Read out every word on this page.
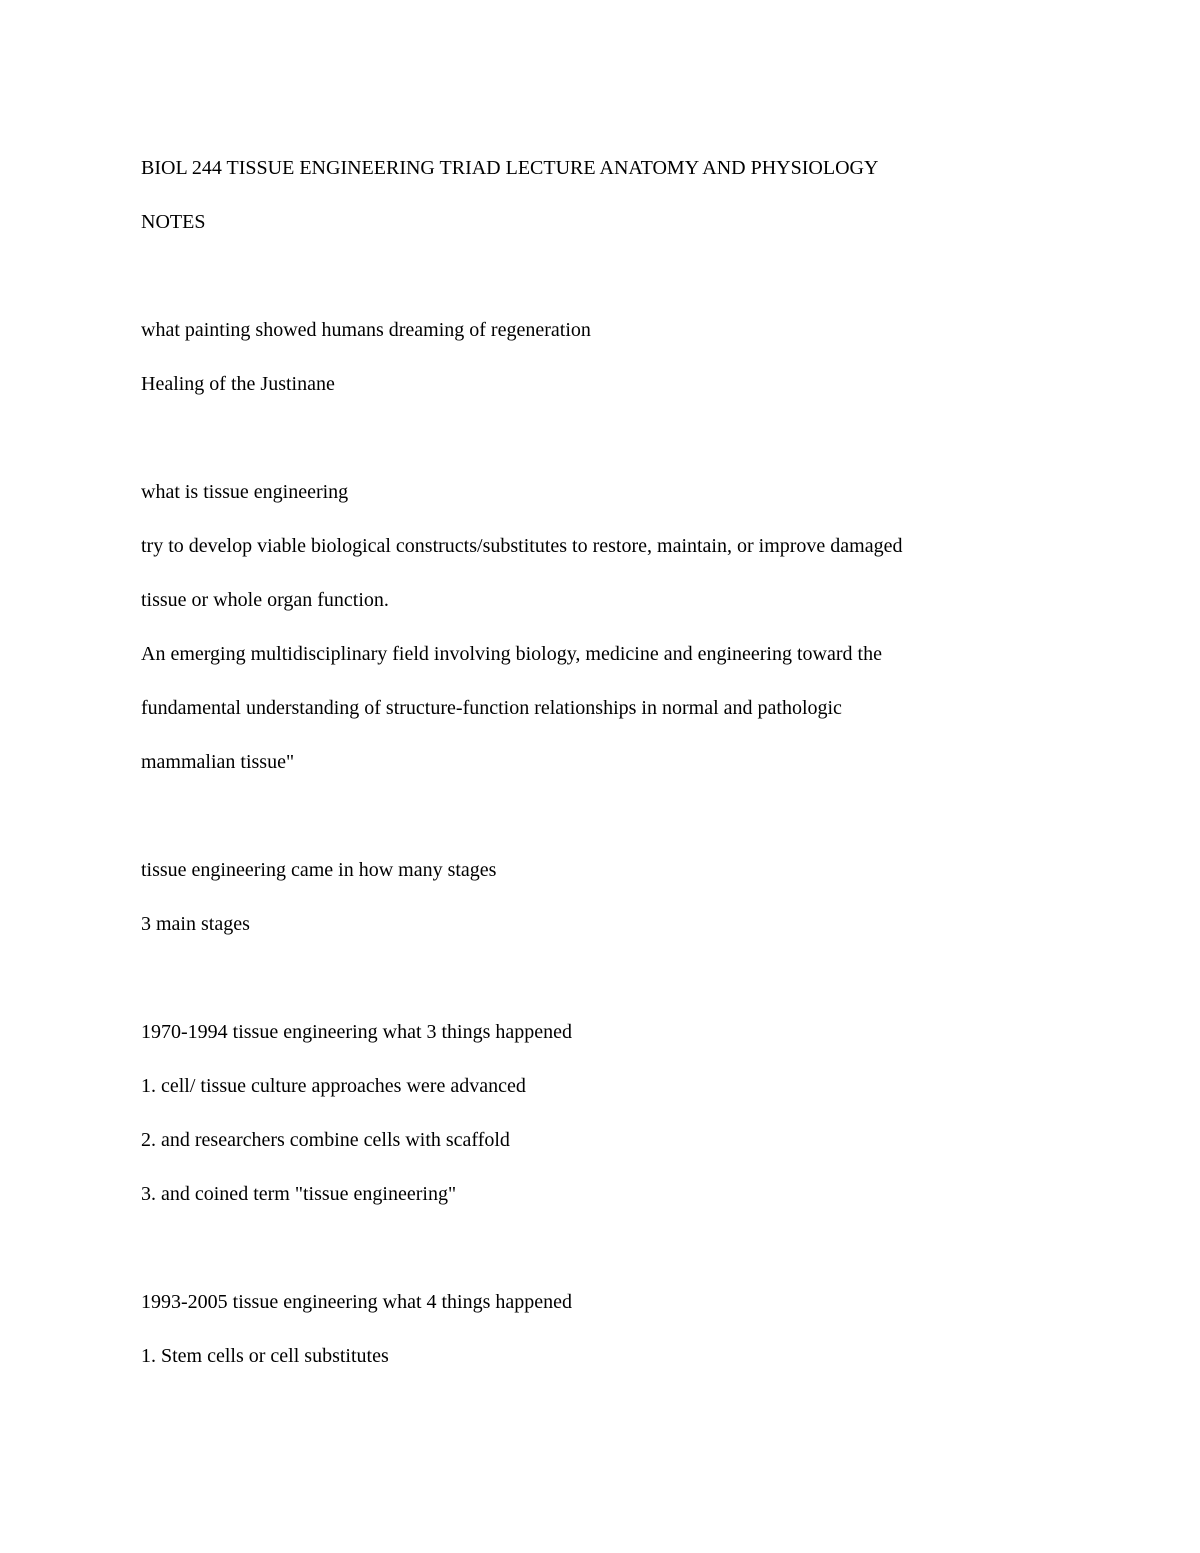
BIOL 244 TISSUE ENGINEERING TRIAD LECTURE ANATOMY AND PHYSIOLOGY
NOTES
what painting showed humans dreaming of regeneration
Healing of the Justinane
what is tissue engineering
try to develop viable biological constructs/substitutes to restore, maintain, or improve damaged
tissue or whole organ function.
An emerging multidisciplinary field involving biology, medicine and engineering toward the
fundamental understanding of structure-function relationships in normal and pathologic
mammalian tissue"
tissue engineering came in how many stages
3 main stages
1970-1994 tissue engineering what 3 things happened
1. cell/ tissue culture approaches were advanced
2. and researchers combine cells with scaffold
3. and coined term "tissue engineering"
1993-2005 tissue engineering what 4 things happened
1. Stem cells or cell substitutes
